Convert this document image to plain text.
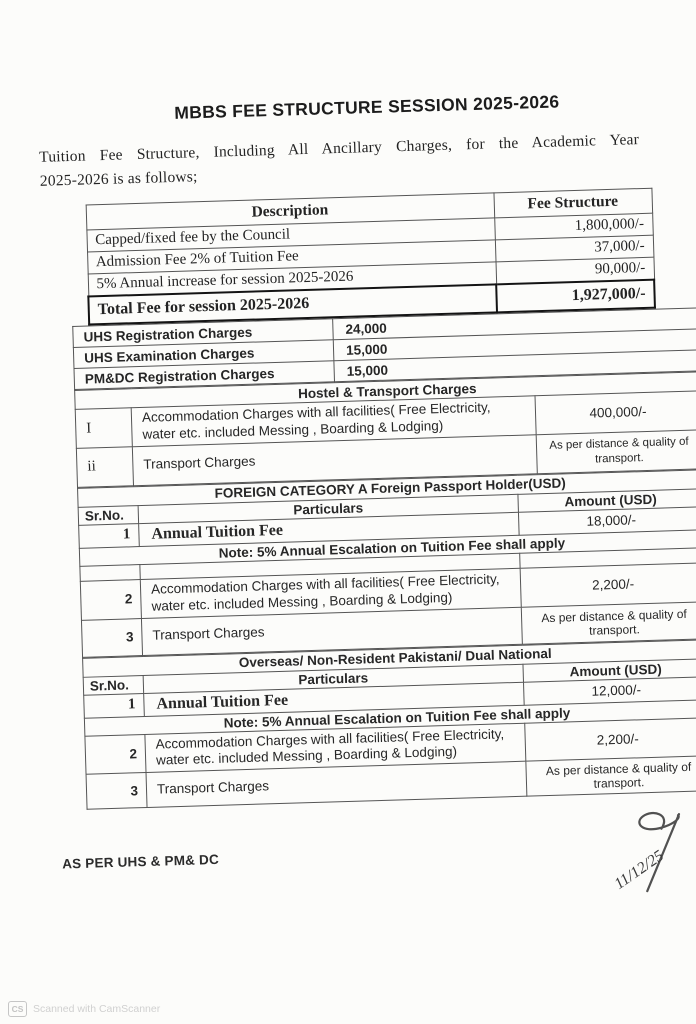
MBBS FEE STRUCTURE SESSION 2025-2026
Tuition Fee Structure, Including All Ancillary Charges, for the Academic Year
2025-2026 is as follows;
Description	Fee Structure
Capped/fixed fee by the Council	1,800,000/-
Admission Fee 2% of Tuition Fee	37,000/-
5% Annual increase for session 2025-2026	90,000/-
Total Fee for session 2025-2026	1,927,000/-
UHS Registration Charges	24,000
UHS Examination Charges	15,000
PM&DC Registration Charges	15,000
Hostel & Transport Charges		
I	Accommodation Charges with all facilities( Free Electricity, water etc. included Messing , Boarding & Lodging)	400,000/-
ii	Transport Charges	As per distance & quality of transport.
FOREIGN CATEGORY A Foreign Passport Holder(USD)		
Sr.No.	Particulars	Amount (USD)
1	Annual Tuition Fee	18,000/-
Note: 5% Annual Escalation on Tuition Fee shall apply		

2	Accommodation Charges with all facilities( Free Electricity, water etc. included Messing , Boarding & Lodging)	2,200/-
3	Transport Charges	As per distance & quality of transport.
Overseas/ Non-Resident Pakistani/ Dual National		
Sr.No.	Particulars	Amount (USD)
1	Annual Tuition Fee	12,000/-
Note: 5% Annual Escalation on Tuition Fee shall apply		
2	Accommodation Charges with all facilities( Free Electricity, water etc. included Messing , Boarding & Lodging)	2,200/-
3	Transport Charges	As per distance & quality of transport.
AS PER UHS & PM& DC	11/12/25
CS Scanned with CamScanner
